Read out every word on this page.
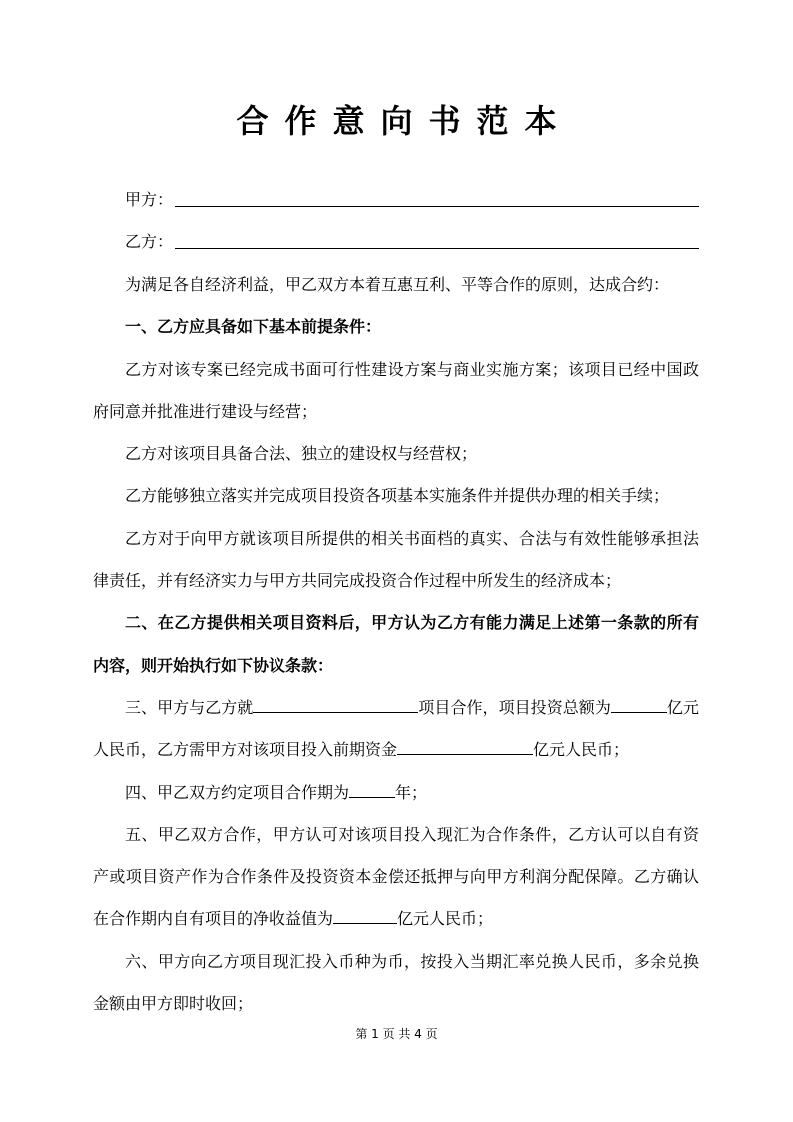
合作意向书范本
甲方：
乙方：

为满足各自经济利益，甲乙双方本着互惠互利、平等合作的原则，达成合约：

一、乙方应具备如下基本前提条件：

乙方对该专案已经完成书面可行性建设方案与商业实施方案；该项目已经中国政府同意并批准进行建设与经营；

乙方对该项目具备合法、独立的建设权与经营权；

乙方能够独立落实并完成项目投资各项基本实施条件并提供办理的相关手续；

乙方对于向甲方就该项目所提供的相关书面档的真实、合法与有效性能够承担法律责任，并有经济实力与甲方共同完成投资合作过程中所发生的经济成本；

二、在乙方提供相关项目资料后，甲方认为乙方有能力满足上述第一条款的所有内容，则开始执行如下协议条款：

三、甲方与乙方就	项目合作，项目投资总额为	亿元人民币，乙方需甲方对该项目投入前期资金	亿元人民币；

四、甲乙双方约定项目合作期为	年；

五、甲乙双方合作，甲方认可对该项目投入现汇为合作条件，乙方认可以自有资产或项目资产作为合作条件及投资资本金偿还抵押与向甲方利润分配保障。乙方确认在合作期内自有项目的净收益值为	亿元人民币；

六、甲方向乙方项目现汇投入币种为币，按投入当期汇率兑换人民币，多余兑换金额由甲方即时收回；

第 1 页 共 4 页
